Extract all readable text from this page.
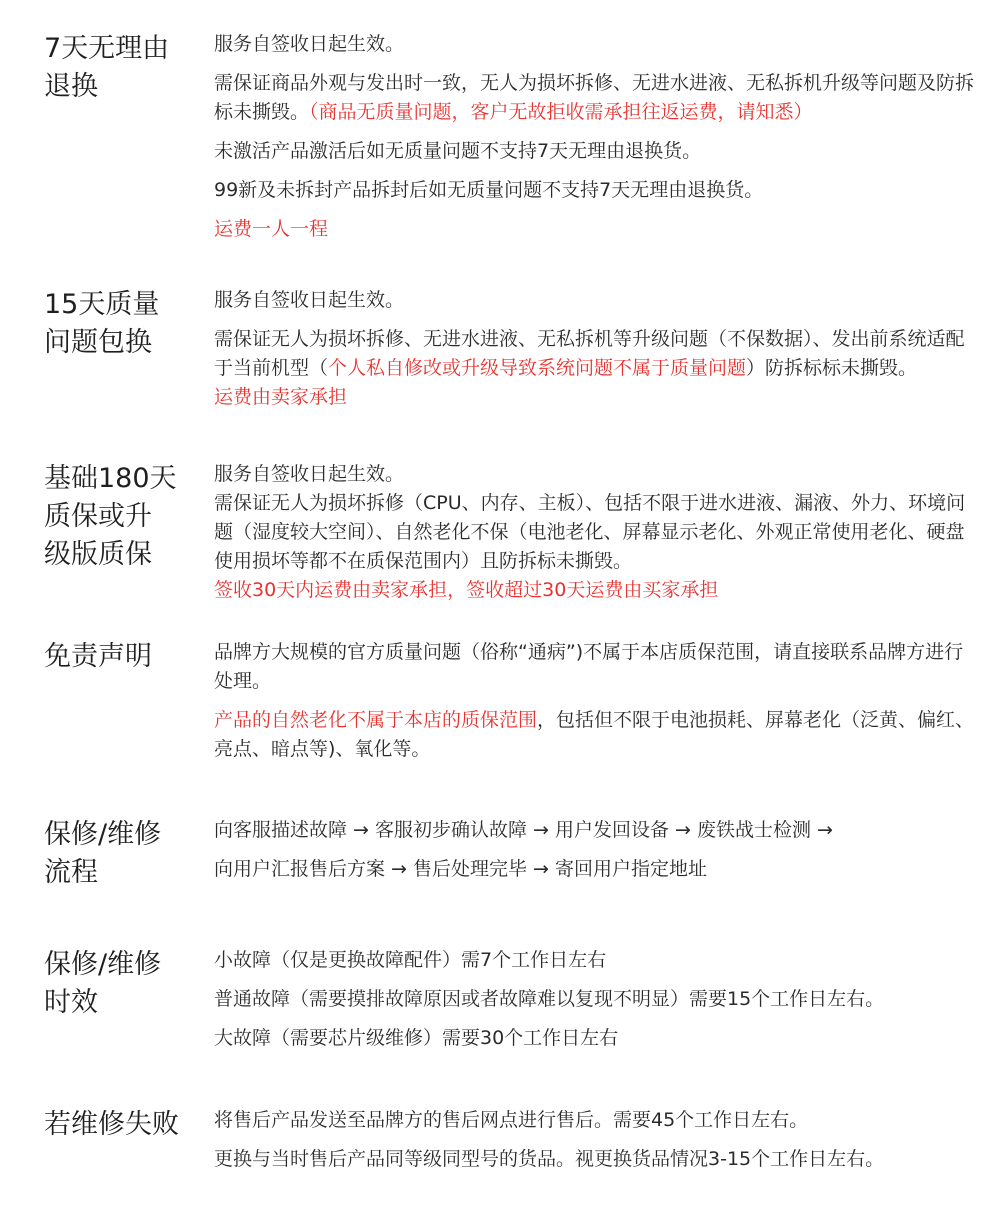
7天无理由
退换

服务自签收日起生效。

需保证商品外观与发出时一致，无人为损坏拆修、无进水进液、无私拆机升级等问题及防拆标未撕毁。（商品无质量问题，客户无故拒收需承担往返运费，请知悉）

未激活产品激活后如无质量问题不支持7天无理由退换货。

99新及未拆封产品拆封后如无质量问题不支持7天无理由退换货。

运费一人一程

15天质量
问题包换

服务自签收日起生效。

需保证无人为损坏拆修、无进水进液、无私拆机等升级问题（不保数据）、发出前系统适配于当前机型（个人私自修改或升级导致系统问题不属于质量问题）防拆标标未撕毁。

运费由卖家承担

基础180天
质保或升
级版质保

服务自签收日起生效。

需保证无人为损坏拆修（CPU、内存、主板）、包括不限于进水进液、漏液、外力、环境问题（湿度较大空间）、自然老化不保（电池老化、屏幕显示老化、外观正常使用老化、硬盘使用损坏等都不在质保范围内）且防拆标未撕毁。

签收30天内运费由卖家承担，签收超过30天运费由买家承担

免责声明	品牌方大规模的官方质量问题（俗称“通病”)不属于本店质保范围，请直接联系品牌方进行处理。

产品的自然老化不属于本店的质保范围，包括但不限于电池损耗、屏幕老化（泛黄、偏红、亮点、暗点等)、氧化等。

保修/维修
流程

向客服描述故障 → 客服初步确认故障 → 用户发回设备 → 废铁战士检测 →

向用户汇报售后方案 → 售后处理完毕 → 寄回用户指定地址

保修/维修
时效

小故障（仅是更换故障配件）需7个工作日左右

普通故障（需要摸排故障原因或者故障难以复现不明显）需要15个工作日左右。

大故障（需要芯片级维修）需要30个工作日左右

若维修失败	将售后产品发送至品牌方的售后网点进行售后。需要45个工作日左右。

更换与当时售后产品同等级同型号的货品。视更换货品情况3-15个工作日左右。
